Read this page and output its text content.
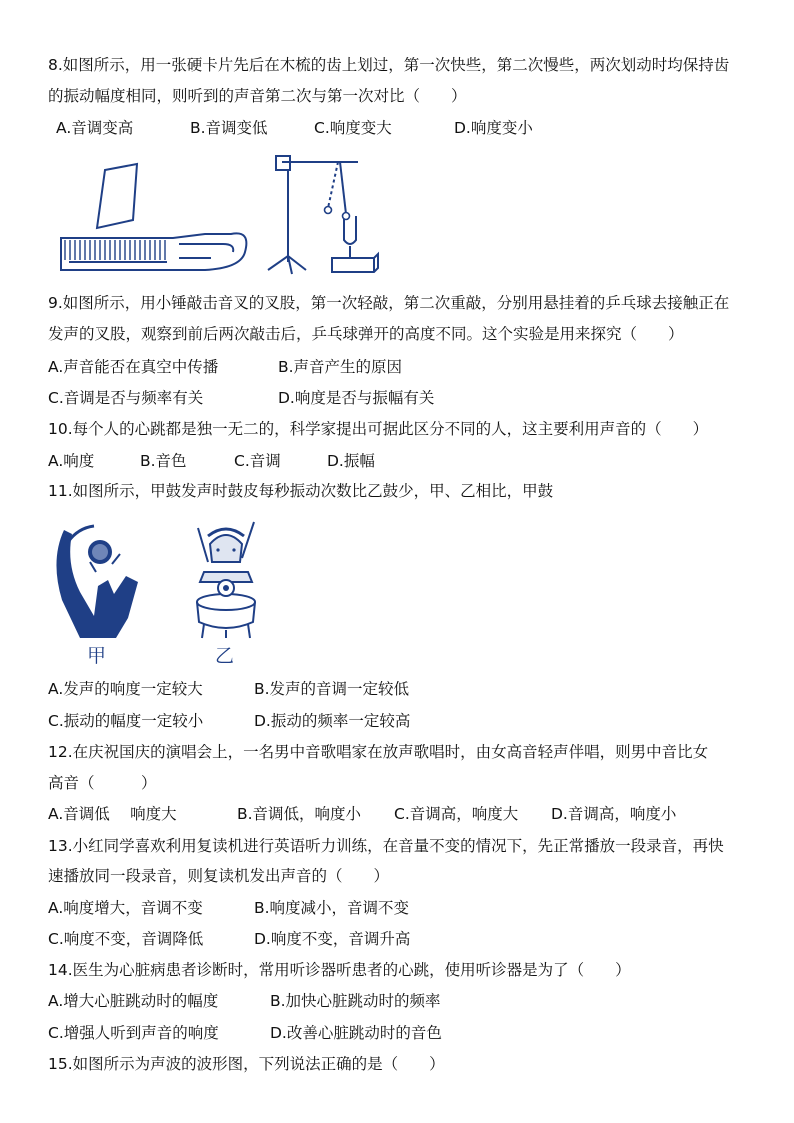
8.如图所示，用一张硬卡片先后在木梳的齿上划过，第一次快些，第二次慢些，两次划动时均保持齿
的振动幅度相同，则听到的声音第二次与第一次对比（　　）
A.音调变高	B.音调变低	C.响度变大	D.响度变小
9.如图所示，用小锤敲击音叉的叉股，第一次轻敲，第二次重敲，分别用悬挂着的乒乓球去接触正在
发声的叉股，观察到前后两次敲击后，乒乓球弹开的高度不同。这个实验是用来探究（　　）
A.声音能否在真空中传播	B.声音产生的原因
C.音调是否与频率有关	D.响度是否与振幅有关
10.每个人的心跳都是独一无二的，科学家提出可据此区分不同的人，这主要利用声音的（　　）
A.响度	B.音色	C.音调	D.振幅
11.如图所示，甲鼓发声时鼓皮每秒振动次数比乙鼓少，甲、乙相比，甲鼓
甲	乙
A.发声的响度一定较大	B.发声的音调一定较低
C.振动的幅度一定较小	D.振动的频率一定较高
12.在庆祝国庆的演唱会上，一名男中音歌唱家在放声歌唱时，由女高音轻声伴唱，则男中音比女
高音（　　　）
A.音调低　 响度大	B.音调低，响度小 C.音调高，响度大 D.音调高，响度小
13.小红同学喜欢利用复读机进行英语听力训练，在音量不变的情况下，先正常播放一段录音，再快
速播放同一段录音，则复读机发出声音的（　　）
A.响度增大，音调不变	B.响度减小，音调不变
C.响度不变，音调降低	D.响度不变，音调升高
14.医生为心脏病患者诊断时，常用听诊器听患者的心跳，使用听诊器是为了（　　）
A.增大心脏跳动时的幅度	B.加快心脏跳动时的频率
C.增强人听到声音的响度	D.改善心脏跳动时的音色
15.如图所示为声波的波形图，下列说法正确的是（　　）
